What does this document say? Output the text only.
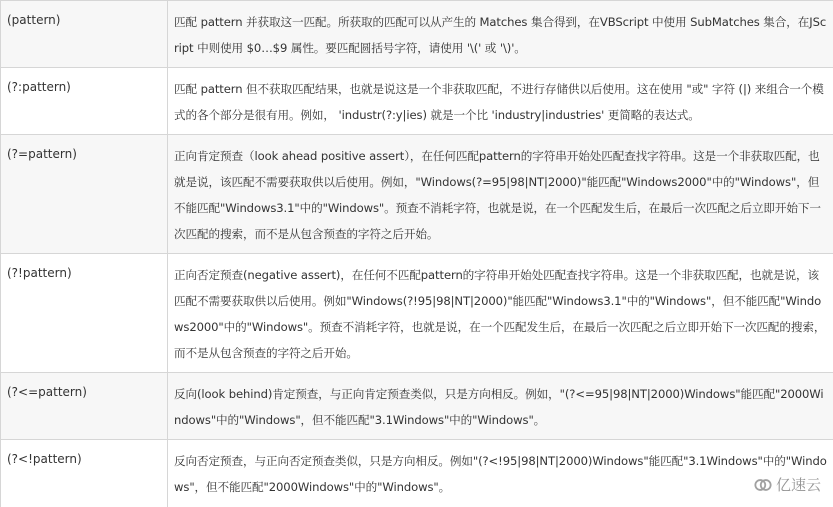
(pattern)	匹配 pattern 并获取这一匹配。所获取的匹配可以从产生的 Matches 集合得到，在VBScript 中使用 SubMatches 集合，在JScript 中则使用 $0…$9 属性。要匹配圆括号字符，请使用 '\(' 或 '\)'。

(?:pattern)	匹配 pattern 但不获取匹配结果，也就是说这是一个非获取匹配，不进行存储供以后使用。这在使用 "或" 字符 (|) 来组合一个模式的各个部分是很有用。例如， 'industr(?:y|ies) 就是一个比 'industry|industries' 更简略的表达式。

(?=pattern)	正向肯定预查（look ahead positive assert），在任何匹配pattern的字符串开始处匹配查找字符串。这是一个非获取匹配，也就是说，该匹配不需要获取供以后使用。例如，"Windows(?=95|98|NT|2000)"能匹配"Windows2000"中的"Windows"，但不能匹配"Windows3.1"中的"Windows"。预查不消耗字符，也就是说，在一个匹配发生后，在最后一次匹配之后立即开始下一次匹配的搜索，而不是从包含预查的字符之后开始。

(?!pattern)	正向否定预查(negative assert)，在任何不匹配pattern的字符串开始处匹配查找字符串。这是一个非获取匹配，也就是说，该匹配不需要获取供以后使用。例如"Windows(?!95|98|NT|2000)"能匹配"Windows3.1"中的"Windows"，但不能匹配"Windows2000"中的"Windows"。预查不消耗字符，也就是说，在一个匹配发生后，在最后一次匹配之后立即开始下一次匹配的搜索，而不是从包含预查的字符之后开始。

(?<=pattern)	反向(look behind)肯定预查，与正向肯定预查类似，只是方向相反。例如，"(?<=95|98|NT|2000)Windows"能匹配"2000Windows"中的"Windows"，但不能匹配"3.1Windows"中的"Windows"。

(?<!pattern)	反向否定预查，与正向否定预查类似，只是方向相反。例如"(?<!95|98|NT|2000)Windows"能匹配"3.1Windows"中的"Windows"，但不能匹配"2000Windows"中的"Windows"。	亿速云
